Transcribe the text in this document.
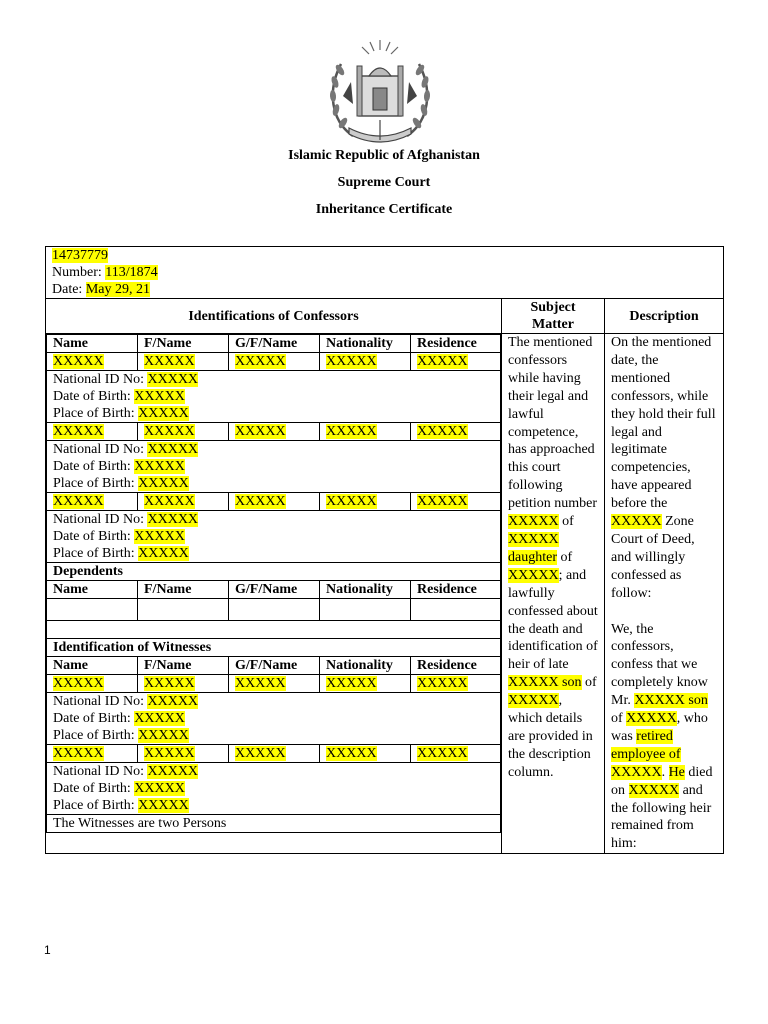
Islamic Republic of Afghanistan
Supreme Court
Inheritance Certificate
14737779
Number: 113/1874
Date: May 29, 21

Identifications of Confessors	Subject Matter	Description

Name	F/Name	G/F/Name	Nationality	Residence
XXXXX	XXXXX	XXXXX	XXXXX	XXXXX

National ID No: XXXXX
Date of Birth: XXXXX
Place of Birth: XXXXX

XXXXX	XXXXX	XXXXX	XXXXX	XXXXX

National ID No: XXXXX
Date of Birth: XXXXX
Place of Birth: XXXXX

XXXXX	XXXXX	XXXXX	XXXXX	XXXXX

National ID No: XXXXX
Date of Birth: XXXXX
Place of Birth: XXXXX

Dependents
Name	F/Name	G/F/Name	Nationality	Residence

Identification of Witnesses
Name	F/Name	G/F/Name	Nationality	Residence
XXXXX	XXXXX	XXXXX	XXXXX	XXXXX

National ID No: XXXXX
Date of Birth: XXXXX
Place of Birth: XXXXX

XXXXX	XXXXX	XXXXX	XXXXX	XXXXX

National ID No: XXXXX
Date of Birth: XXXXX
Place of Birth: XXXXX

The Witnesses are two Persons
	The mentioned confessors while having their legal and lawful competence, has approached this court following petition number XXXXX of XXXXX daughter of XXXXX; and lawfully confessed about the death and identification of heir of late XXXXX son of XXXXX, which details are provided in the description column.	On the mentioned date, the mentioned confessors, while they hold their full legal and legitimate competencies, have appeared before the XXXXX Zone Court of Deed, and willingly confessed as follow:

We, the confessors, confess that we completely know Mr. XXXXX son of XXXXX, who was retired employee of XXXXX. He died on XXXXX and the following heir remained from him:
1
